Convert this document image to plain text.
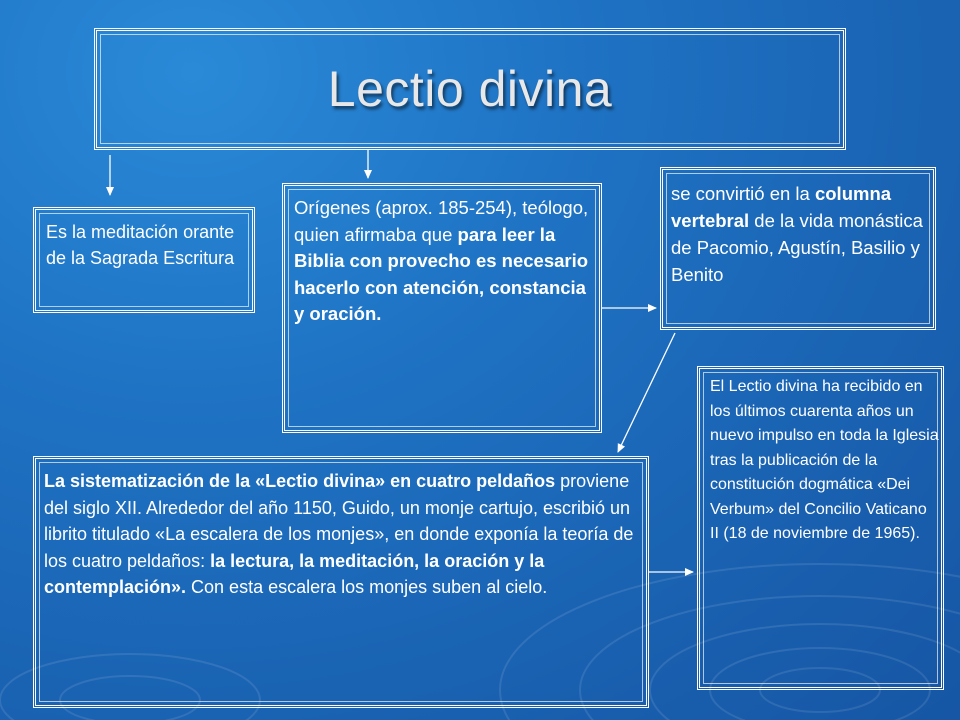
Lectio divina
Es la meditación orante de la Sagrada Escritura
Orígenes (aprox. 185-254), teólogo, quien afirmaba que para leer la Biblia con provecho es necesario hacerlo con atención, constancia y oración.
se convirtió en la columna vertebral de la vida monástica de Pacomio, Agustín, Basilio y Benito
La sistematización de la «Lectio divina» en cuatro peldaños proviene del siglo XII. Alrededor del año 1150, Guido, un monje cartujo, escribió un librito titulado «La escalera de los monjes», en donde exponía la teoría de los cuatro peldaños: la lectura, la meditación, la oración y la contemplación». Con esta escalera los monjes suben al cielo.
El Lectio divina ha recibido en los últimos cuarenta años un nuevo impulso en toda la Iglesia tras la publicación de la constitución dogmática «Dei Verbum» del Concilio Vaticano II (18 de noviembre de 1965).
